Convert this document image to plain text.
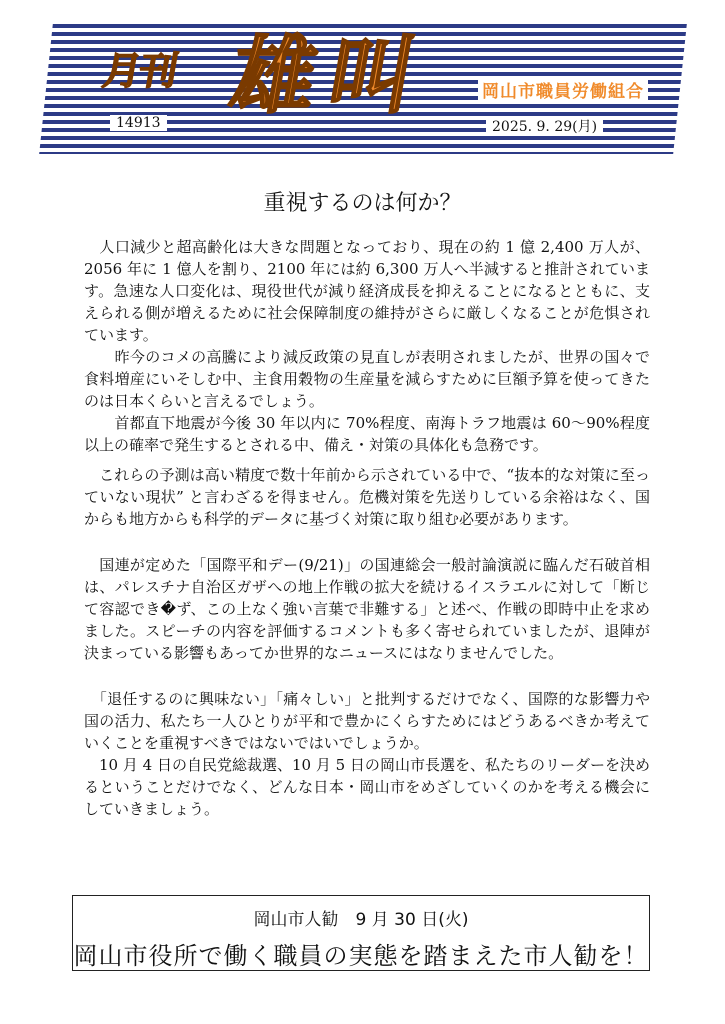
月刊 雄叫	岡山市職員労働組合
14913	2025. 9. 29(月)
重視するのは何か？

　人口減少と超高齢化は大きな問題となっており、現在の約 1 億 2,400 万人が、2056 年に 1 億人を割り、2100 年には約 6,300 万人へ半減すると推計されています。急速な人口変化は、現役世代が減り経済成長を抑えることになるとともに、支えられる側が増えるために社会保障制度の維持がさらに厳しくなることが危惧されています。

　　昨今のコメの高騰により減反政策の見直しが表明されましたが、世界の国々で食料増産にいそしむ中、主食用穀物の生産量を減らすために巨額予算を使ってきたのは日本くらいと言えるでしょう。

　　首都直下地震が今後 30 年以内に 70%程度、南海トラフ地震は 60～90%程度以上の確率で発生するとされる中、備え・対策の具体化も急務です。

　これらの予測は高い精度で数十年前から示されている中で、“抜本的な対策に至っていない現状” と言わざるを得ません。危機対策を先送りしている余裕はなく、国からも地方からも科学的データに基づく対策に取り組む必要があります。

　国連が定めた「国際平和デー(9/21)」の国連総会一般討論演説に臨んだ石破首相は、パレスチナ自治区ガザへの地上作戦の拡大を続けるイスラエルに対して「断じて容認でき�ず、この上なく強い言葉で非難する」と述べ、作戦の即時中止を求めました。スピーチの内容を評価するコメントも多く寄せられていましたが、退陣が決まっている影響もあってか世界的なニュースにはなりませんでした。

　「退任するのに興味ない」「痛々しい」と批判するだけでなく、国際的な影響力や国の活力、私たち一人ひとりが平和で豊かにくらすためにはどうあるべきか考えていくことを重視すべきではないではいでしょうか。

　10 月 4 日の自民党総裁選、10 月 5 日の岡山市長選を、私たちのリーダーを決めるということだけでなく、どんな日本・岡山市をめざしていくのかを考える機会にしていきましょう。

岡山市人勧　9 月 30 日(火)
岡山市役所で働く職員の実態を踏まえた市人勧を！
